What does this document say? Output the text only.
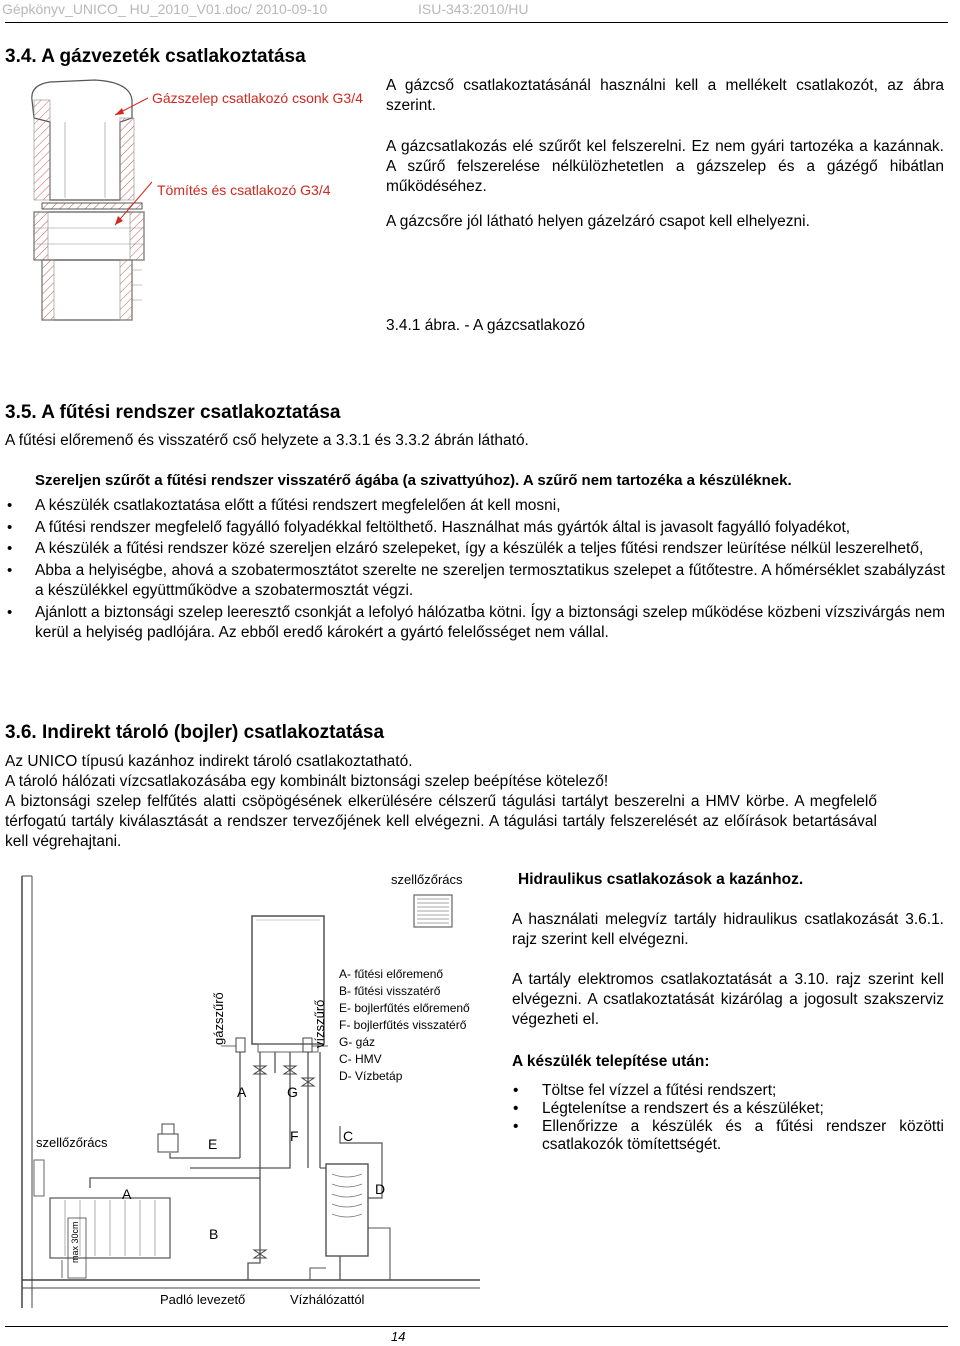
Gépkönyv_UNICO_ HU_2010_V01.doc/ 2010-09-10	ISU-343:2010/HU
3.4. A gázvezeték csatlakoztatása
Gázszelep csatlakozó csonk G3/4
Tömítés és csatlakozó G3/4

A gázcső csatlakoztatásánál használni kell a mellékelt csatlakozót, az ábra szerint.

A gázcsatlakozás elé szűrőt kel felszerelni. Ez nem gyári tartozéka a kazánnak. A szűrő felszerelése nélkülözhetetlen a gázszelep és a gázégő hibátlan működéséhez.

A gázcsőre jól látható helyen gázelzáró csapot kell elhelyezni.

3.4.1 ábra. - A gázcsatlakozó

3.5. A fűtési rendszer csatlakoztatása

A fűtési előremenő és visszatérő cső helyzete a 3.3.1 és 3.3.2 ábrán látható.

Szereljen szűrőt a fűtési rendszer visszatérő ágába (a szivattyúhoz). A szűrő nem tartozéka a készüléknek.

• A készülék csatlakoztatása előtt a fűtési rendszert megfelelően át kell mosni,
• A fűtési rendszer megfelelő fagyálló folyadékkal feltölthető. Használhat más gyártók által is javasolt fagyálló folyadékot,
• A készülék a fűtési rendszer közé szereljen elzáró szelepeket, így a készülék a teljes fűtési rendszer leürítése nélkül leszerelhető,
• Abba a helyiségbe, ahová a szobatermosztátot szerelte ne szereljen termosztatikus szelepet a fűtőtestre. A hőmérséklet szabályzást a készülékkel együttműködve a szobatermosztát végzi.
• Ajánlott a biztonsági szelep leeresztő csonkját a lefolyó hálózatba kötni. Így a biztonsági szelep működése közbeni vízszivárgás nem kerül a helyiség padlójára. Az ebből eredő károkért a gyártó felelősséget nem vállal.
3.6. Indirekt tároló (bojler) csatlakoztatása

Az UNICO típusú kazánhoz indirekt tároló csatlakoztatható.

A tároló hálózati vízcsatlakozásába egy kombinált biztonsági szelep beépítése kötelező!

A biztonsági szelep felfűtés alatti csöpögésének elkerülésére célszerű tágulási tartályt beszerelni a HMV körbe. A megfelelő térfogatú tartály kiválasztását a rendszer tervezőjének kell elvégezni. A tágulási tartály felszerelését az előírások betartásával kell végrehajtani.

szellőzőrács
szellőzőrács
gázszűrő	vízszűrő
max 30cm
A	G
E	F	C
A	D
B
A- fűtési előremenő
B- fűtési visszatérő
E- bojlerfűtés előremenő
F- bojlerfűtés visszatérő
G- gáz
C- HMV
D- Vízbetáp
Padló levezető	Vízhálózattól

Hidraulikus csatlakozások a kazánhoz.

A használati melegvíz tartály hidraulikus csatlakozását 3.6.1. rajz szerint kell elvégezni.

A tartály elektromos csatlakoztatását a 3.10. rajz szerint kell elvégezni. A csatlakoztatását kizárólag a jogosult szakszerviz végezheti el.

A készülék telepítése után:

• Töltse fel vízzel a fűtési rendszert;
• Légtelenítse a rendszert és a készüléket;
• Ellenőrizze a készülék és a fűtési rendszer közötti csatlakozók tömítettségét.
14
